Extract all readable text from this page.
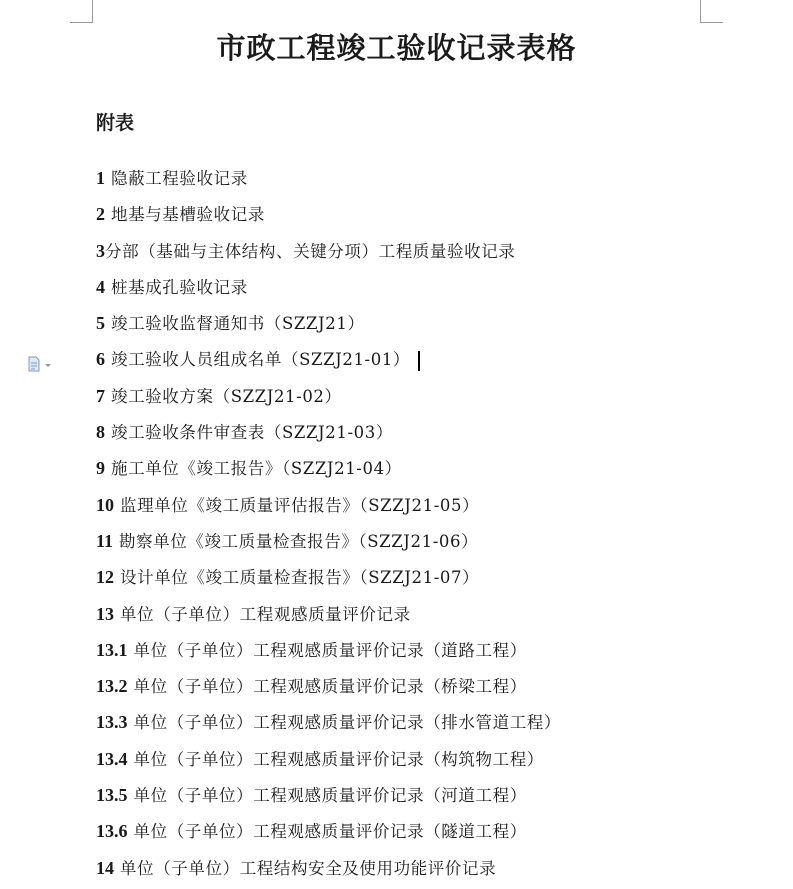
市政工程竣工验收记录表格
附表
1 隐蔽工程验收记录
2 地基与基槽验收记录
3分部（基础与主体结构、关键分项）工程质量验收记录
4 桩基成孔验收记录
5 竣工验收监督通知书（SZZJ21）
6 竣工验收人员组成名单（SZZJ21-01）
7 竣工验收方案（SZZJ21-02）
8 竣工验收条件审查表（SZZJ21-03）
9 施工单位《竣工报告》（SZZJ21-04）
10 监理单位《竣工质量评估报告》（SZZJ21-05）
11 勘察单位《竣工质量检查报告》（SZZJ21-06）
12 设计单位《竣工质量检查报告》（SZZJ21-07）
13 单位（子单位）工程观感质量评价记录
13.1 单位（子单位）工程观感质量评价记录（道路工程）
13.2 单位（子单位）工程观感质量评价记录（桥梁工程）
13.3 单位（子单位）工程观感质量评价记录（排水管道工程）
13.4 单位（子单位）工程观感质量评价记录（构筑物工程）
13.5 单位（子单位）工程观感质量评价记录（河道工程）
13.6 单位（子单位）工程观感质量评价记录（隧道工程）
14 单位（子单位）工程结构安全及使用功能评价记录
